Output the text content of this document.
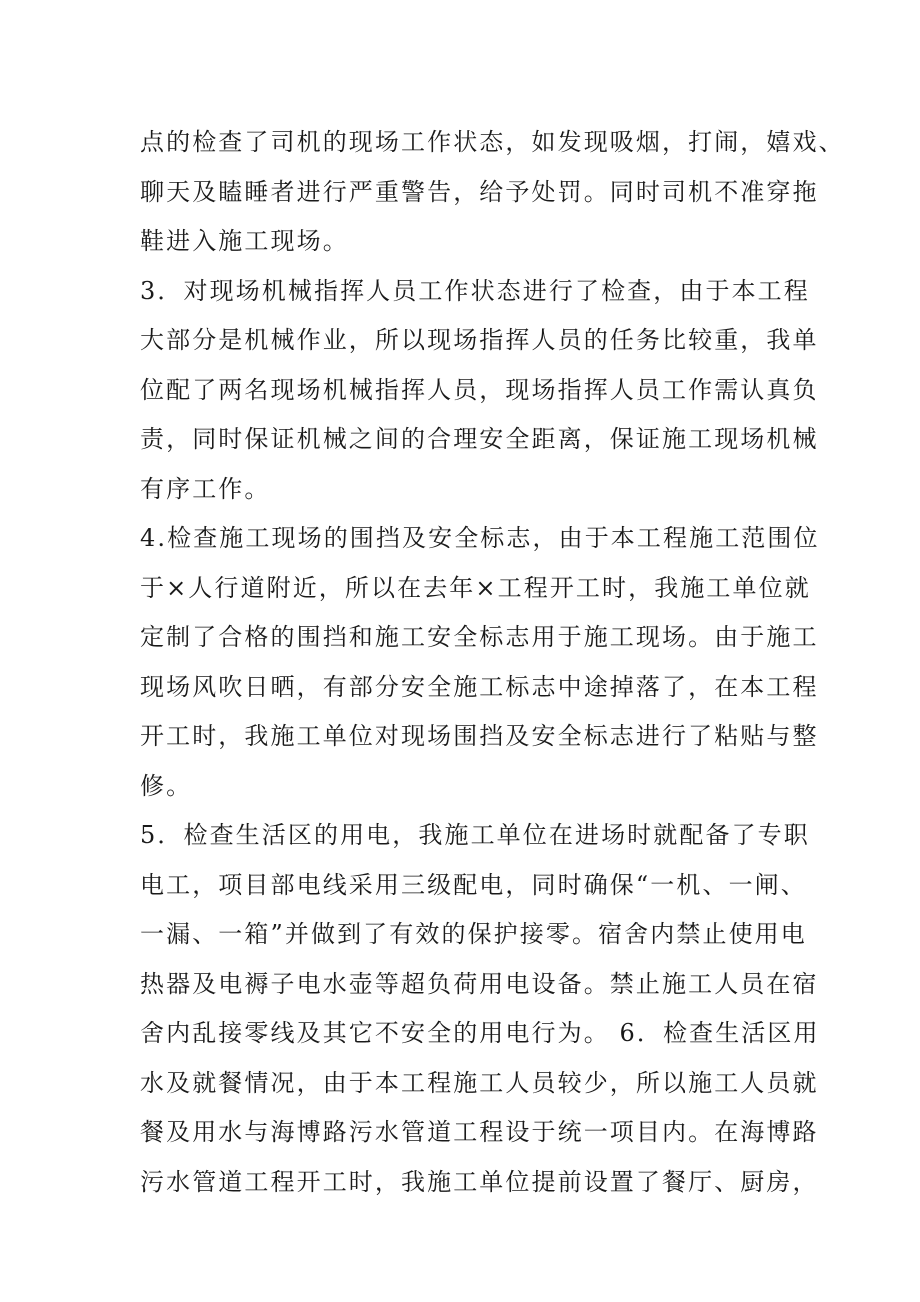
点的检查了司机的现场工作状态，如发现吸烟，打闹，嬉戏、
聊天及瞌睡者进行严重警告，给予处罚。同时司机不准穿拖
鞋进入施工现场。
3．对现场机械指挥人员工作状态进行了检查，由于本工程
大部分是机械作业，所以现场指挥人员的任务比较重，我单
位配了两名现场机械指挥人员，现场指挥人员工作需认真负
责，同时保证机械之间的合理安全距离，保证施工现场机械
有序工作。
4.检查施工现场的围挡及安全标志，由于本工程施工范围位
于×人行道附近，所以在去年×工程开工时，我施工单位就
定制了合格的围挡和施工安全标志用于施工现场。由于施工
现场风吹日晒，有部分安全施工标志中途掉落了，在本工程
开工时，我施工单位对现场围挡及安全标志进行了粘贴与整
修。
5．检查生活区的用电，我施工单位在进场时就配备了专职
电工，项目部电线采用三级配电，同时确保“一机、一闸、
一漏、一箱”并做到了有效的保护接零。宿舍内禁止使用电
热器及电褥子电水壶等超负荷用电设备。禁止施工人员在宿
舍内乱接零线及其它不安全的用电行为。 6．检查生活区用
水及就餐情况，由于本工程施工人员较少，所以施工人员就
餐及用水与海博路污水管道工程设于统一项目内。在海博路
污水管道工程开工时，我施工单位提前设置了餐厅、厨房，
